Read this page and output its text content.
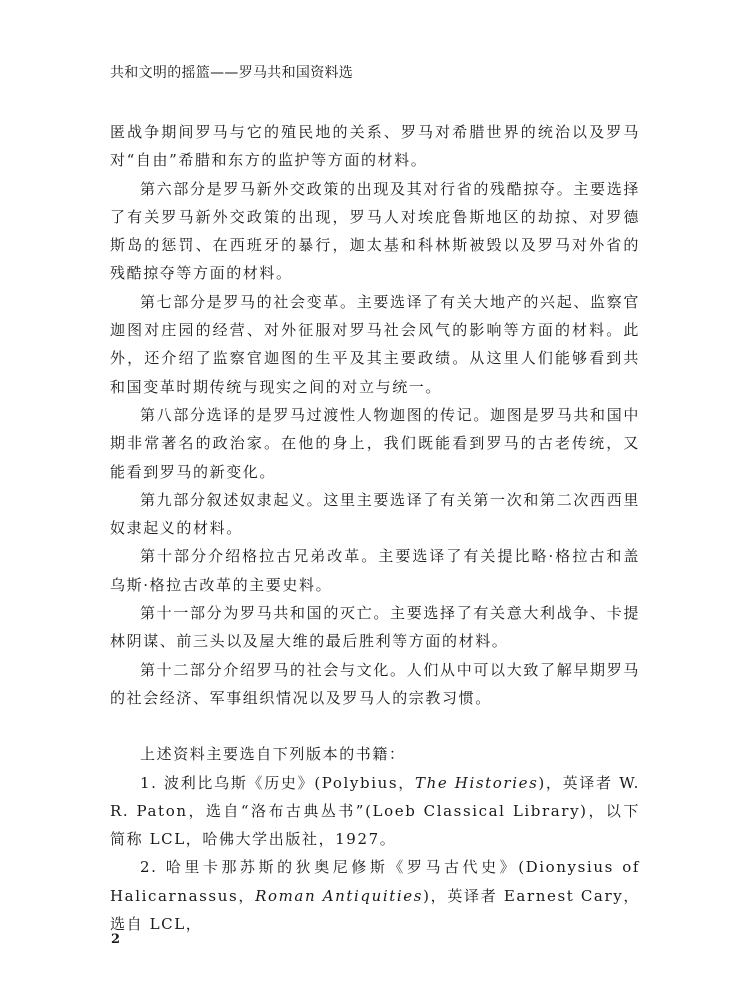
共和文明的摇篮——罗马共和国资料选

匿战争期间罗马与它的殖民地的关系、罗马对希腊世界的统治以及罗马对“自由”希腊和东方的监护等方面的材料。

第六部分是罗马新外交政策的出现及其对行省的残酷掠夺。主要选择了有关罗马新外交政策的出现，罗马人对埃庇鲁斯地区的劫掠、对罗德斯岛的惩罚、在西班牙的暴行，迦太基和科林斯被毁以及罗马对外省的残酷掠夺等方面的材料。

第七部分是罗马的社会变革。主要选译了有关大地产的兴起、监察官迦图对庄园的经营、对外征服对罗马社会风气的影响等方面的材料。此外，还介绍了监察官迦图的生平及其主要政绩。从这里人们能够看到共和国变革时期传统与现实之间的对立与统一。

第八部分选译的是罗马过渡性人物迦图的传记。迦图是罗马共和国中期非常著名的政治家。在他的身上，我们既能看到罗马的古老传统，又能看到罗马的新变化。

第九部分叙述奴隶起义。这里主要选译了有关第一次和第二次西西里奴隶起义的材料。

第十部分介绍格拉古兄弟改革。主要选译了有关提比略·格拉古和盖乌斯·格拉古改革的主要史料。

第十一部分为罗马共和国的灭亡。主要选择了有关意大利战争、卡提林阴谋、前三头以及屋大维的最后胜利等方面的材料。

第十二部分介绍罗马的社会与文化。人们从中可以大致了解早期罗马的社会经济、军事组织情况以及罗马人的宗教习惯。

上述资料主要选自下列版本的书籍：

1. 波利比乌斯《历史》(Polybius，The Histories)，英译者 W. R. Paton，选自“洛布古典丛书”(Loeb Classical Library)，以下简称 LCL，哈佛大学出版社，1927。

2. 哈里卡那苏斯的狄奥尼修斯《罗马古代史》(Dionysius of Halicarnassus，Roman Antiquities)，英译者 Earnest Cary，选自 LCL，

2
